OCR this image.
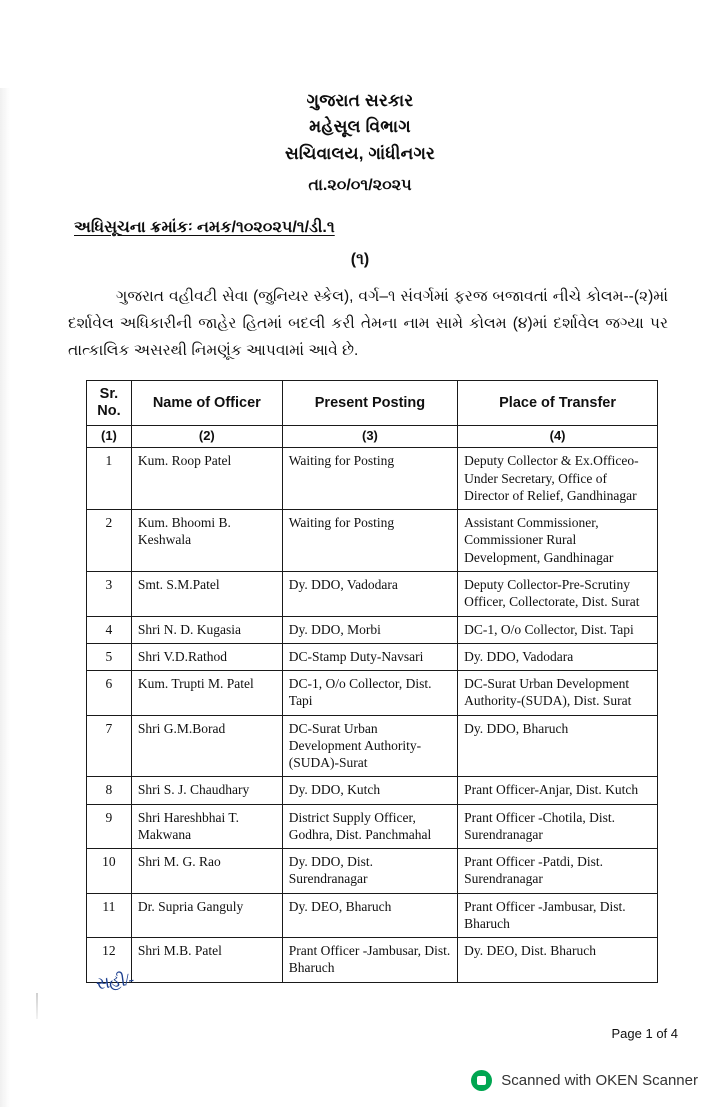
ગુજરાત સરકાર
મહેસૂલ વિભાગ
સચિવાલય, ગાંધીનગર
તા.૨૦/૦૧/૨૦૨૫
અધિસૂચના ક્રમાંકઃ નમક/૧૦૨૦૨૫/૧/ડી.૧
(૧)
ગુજરાત વહીવટી સેવા (જુનિયર સ્કેલ), વર્ગ–૧ સંવર્ગમાં ફરજ બજાવતાં નીચે કોલમ--(૨)માં દર્શાવેલ અધિકારીની જાહેર હિતમાં બદલી કરી તેમના નામ સામે કોલમ (૪)માં દર્શાવેલ જગ્યા પર તાત્કાલિક અસરથી નિમણૂંક આપવામાં આવે છે.
Sr. No.	Name of Officer	Present Posting	Place of Transfer
(1)	(2)	(3)	(4)
1	Kum. Roop Patel	Waiting for Posting	Deputy Collector & Ex.Officeo-Under Secretary, Office of Director of Relief, Gandhinagar
2	Kum. Bhoomi B. Keshwala	Waiting for Posting	Assistant Commissioner, Commissioner Rural Development, Gandhinagar
3	Smt. S.M.Patel	Dy. DDO, Vadodara	Deputy Collector-Pre-Scrutiny Officer, Collectorate, Dist. Surat
4	Shri N. D. Kugasia	Dy. DDO, Morbi	DC-1, O/o Collector, Dist. Tapi
5	Shri V.D.Rathod	DC-Stamp Duty-Navsari	Dy. DDO, Vadodara
6	Kum. Trupti M. Patel	DC-1, O/o Collector, Dist. Tapi	DC-Surat Urban Development Authority-(SUDA), Dist. Surat
7	Shri G.M.Borad	DC-Surat Urban Development Authority-(SUDA)-Surat	Dy. DDO, Bharuch
8	Shri S. J. Chaudhary	Dy. DDO, Kutch	Prant Officer-Anjar, Dist. Kutch
9	Shri Hareshbhai T. Makwana	District Supply Officer, Godhra, Dist. Panchmahal	Prant Officer -Chotila, Dist. Surendranagar
10	Shri M. G. Rao	Dy. DDO, Dist. Surendranagar	Prant Officer -Patdi, Dist. Surendranagar
11	Dr. Supria Ganguly	Dy. DEO, Bharuch	Prant Officer -Jambusar, Dist. Bharuch
12	Shri M.B. Patel	Prant Officer -Jambusar, Dist. Bharuch	Dy. DEO, Dist. Bharuch
સહી/-
Page 1 of 4
Scanned with OKEN Scanner
